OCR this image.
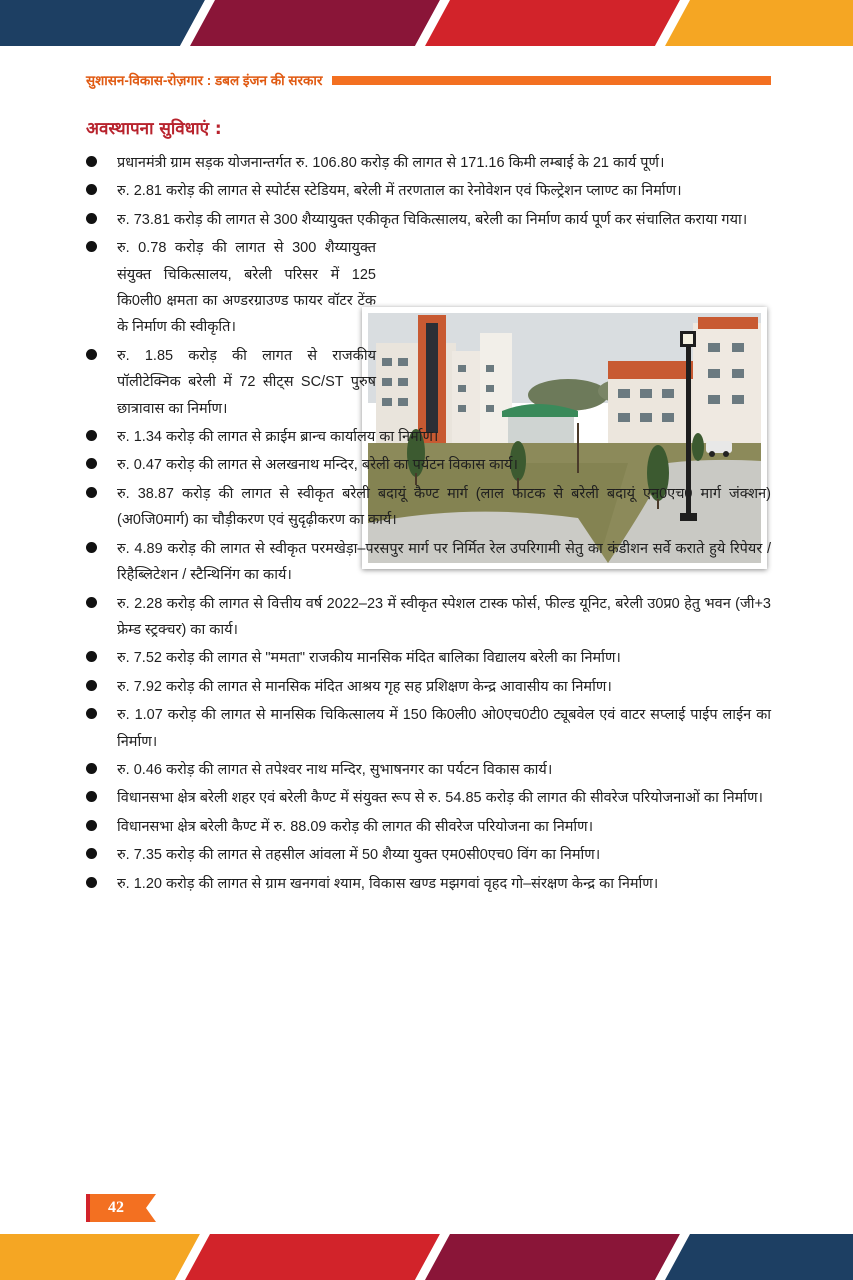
सुशासन-विकास-रोज़गार : डबल इंजन की सरकार
अवस्थापना सुविधाएं :
प्रधानमंत्री ग्राम सड़क योजनान्तर्गत रु. 106.80 करोड़ की लागत से 171.16 किमी लम्बाई के 21 कार्य पूर्ण।
रु. 2.81 करोड़ की लागत से स्पोर्टस स्टेडियम, बरेली में तरणताल का रेनोवेशन एवं फिल्ट्रेशन प्लाण्ट का निर्माण।
रु. 73.81 करोड़ की लागत से 300 शैय्यायुक्त एकीकृत चिकित्सालय, बरेली का निर्माण कार्य पूर्ण कर संचालित कराया गया।
रु. 0.78 करोड़ की लागत से 300 शैय्यायुक्त संयुक्त चिकित्सालय, बरेली परिसर में 125 कि0ली0 क्षमता का अण्डरग्राउण्ड फायर वॉटर टेंक के निर्माण की स्वीकृति।
रु. 1.85 करोड़ की लागत से राजकीय पॉलीटेक्निक बरेली में 72 सीट्स SC/ST पुरुष छात्रावास का निर्माण।
रु. 1.34 करोड़ की लागत से क्राईम ब्रान्च कार्यालय का निर्माण।
रु. 0.47 करोड़ की लागत से अलखनाथ मन्दिर, बरेली का पर्यटन विकास कार्य।
रु. 38.87 करोड़ की लागत से स्वीकृत बरेली बदायूं कैण्ट मार्ग (लाल फाटक से बरेली बदायूं एन0एच0 मार्ग जंक्शन) (अ0जि0मार्ग) का चौड़ीकरण एवं सुदृढ़ीकरण का कार्य।
रु. 4.89 करोड़ की लागत से स्वीकृत परमखेड़ा–परसपुर मार्ग पर निर्मित रेल उपरिगामी सेतु का कंडीशन सर्वे कराते हुये रिपेयर / रिहैब्लिटेशन / स्टैन्थिनिंग का कार्य।
रु. 2.28 करोड़ की लागत से वित्तीय वर्ष 2022–23 में स्वीकृत स्पेशल टास्क फोर्स, फील्ड यूनिट, बरेली उ0प्र0 हेतु भवन (जी+3 फ्रेम्ड स्ट्रक्चर) का कार्य।
रु. 7.52 करोड़ की लागत से "ममता" राजकीय मानसिक मंदित बालिका विद्यालय बरेली का निर्माण।
रु. 7.92 करोड़ की लागत से मानसिक मंदित आश्रय गृह सह प्रशिक्षण केन्द्र आवासीय का निर्माण।
रु. 1.07 करोड़ की लागत से मानसिक चिकित्सालय में 150 कि0ली0 ओ0एच0टी0 ट्यूबवेल एवं वाटर सप्लाई पाईप लाईन का निर्माण।
रु. 0.46 करोड़ की लागत से तपेश्वर नाथ मन्दिर, सुभाषनगर का पर्यटन विकास कार्य।
विधानसभा क्षेत्र बरेली शहर एवं बरेली कैण्ट में संयुक्त रूप से रु. 54.85 करोड़ की लागत की सीवरेज परियोजनाओं का निर्माण।
विधानसभा क्षेत्र बरेली कैण्ट में रु. 88.09 करोड़ की लागत की सीवरेज परियोजना का निर्माण।
रु. 7.35 करोड़ की लागत से तहसील आंवला में 50 शैय्या युक्त एम0सी0एच0 विंग का निर्माण।
रु. 1.20 करोड़ की लागत से ग्राम खनगवां श्याम, विकास खण्ड मझगवां वृहद गो–संरक्षण केन्द्र का निर्माण।
42
